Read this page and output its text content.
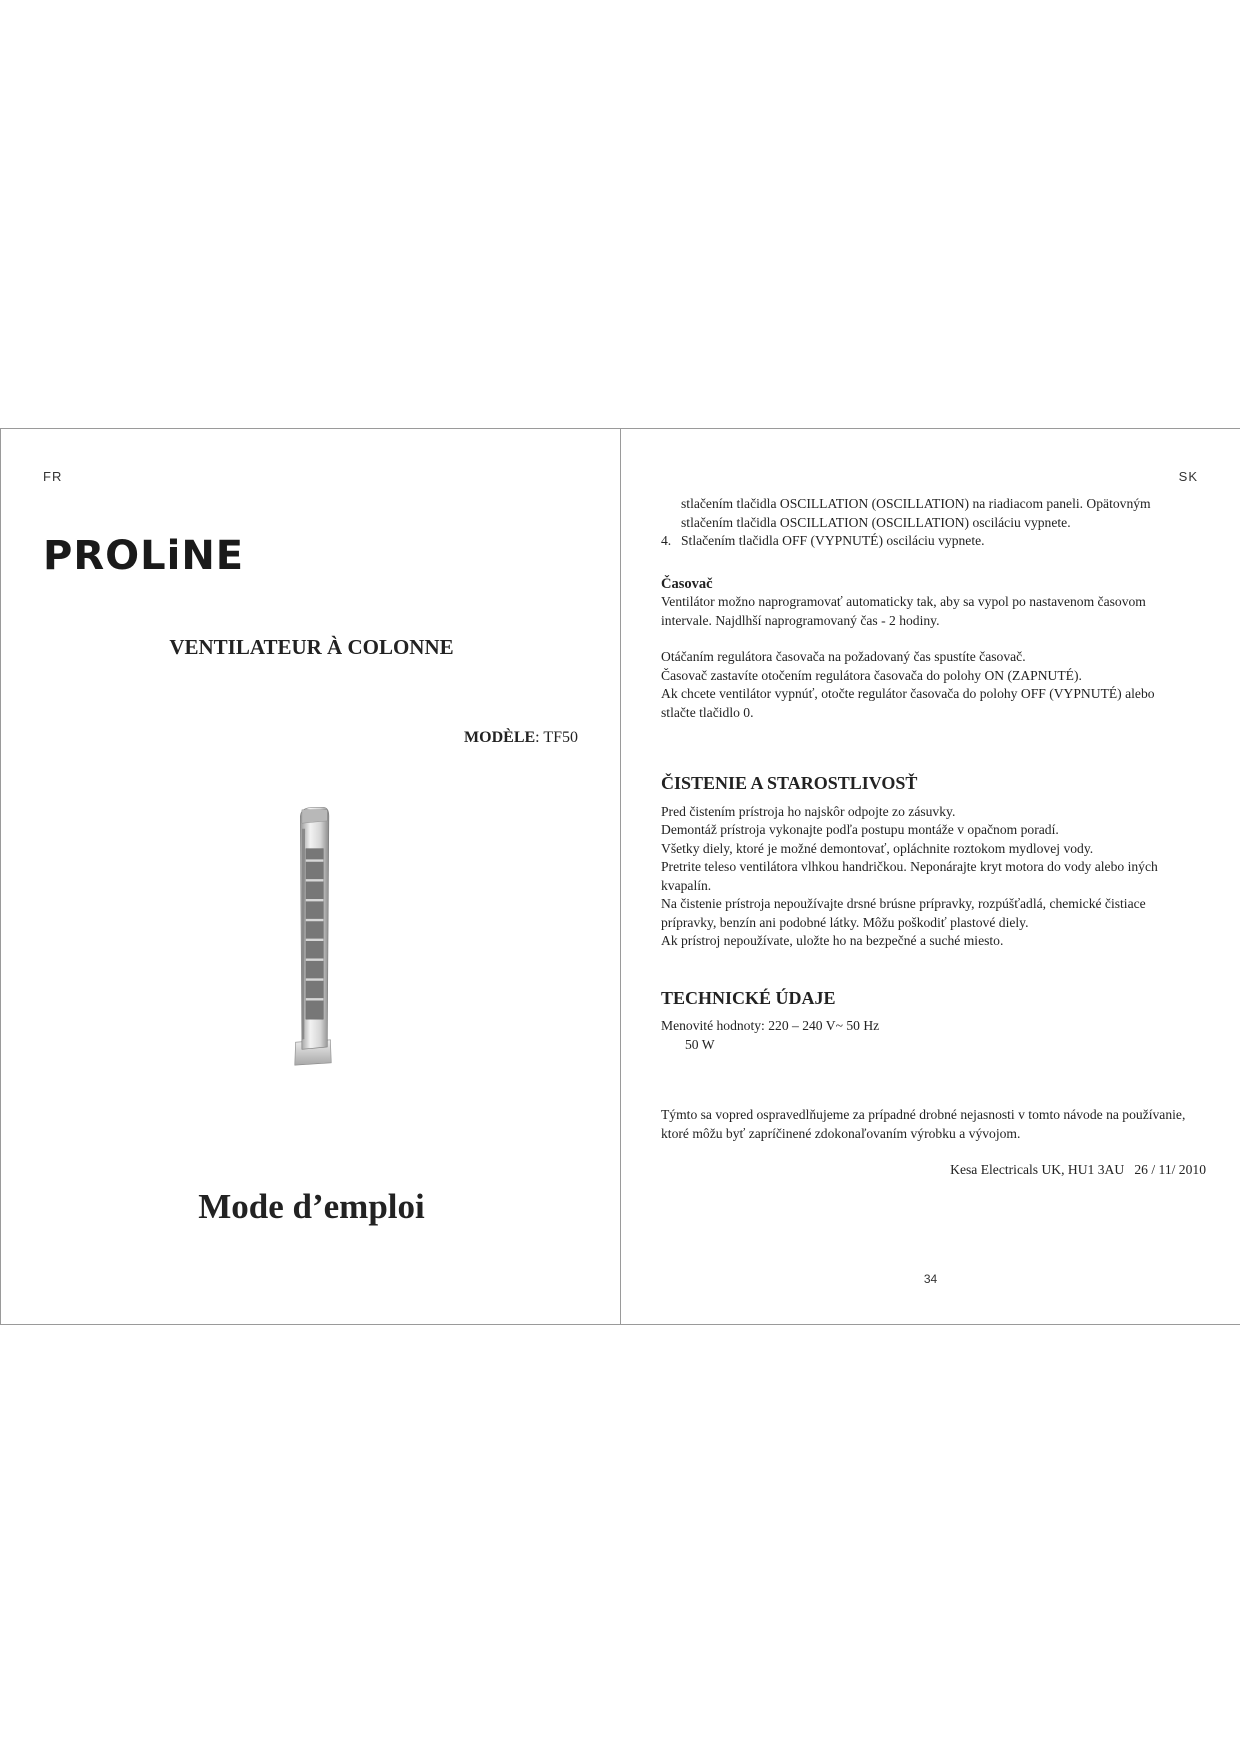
FR
PROLiNE
VENTILATEUR À COLONNE
MODÈLE: TF50
Mode d’emploi
SK
stlačením tlačidla OSCILLATION (OSCILLATION) na riadiacom paneli. Opätovným
stlačením tlačidla OSCILLATION (OSCILLATION) osciláciu vypnete.
4. Stlačením tlačidla OFF (VYPNUTÉ) osciláciu vypnete.
Časovač
Ventilátor možno naprogramovať automaticky tak, aby sa vypol po nastavenom časovom
intervale. Najdlhší naprogramovaný čas - 2 hodiny.
Otáčaním regulátora časovača na požadovaný čas spustíte časovač.
Časovač zastavíte otočením regulátora časovača do polohy ON (ZAPNUTÉ).
Ak chcete ventilátor vypnúť, otočte regulátor časovača do polohy OFF (VYPNUTÉ) alebo
stlačte tlačidlo 0.
ČISTENIE A STAROSTLIVOSŤ
Pred čistením prístroja ho najskôr odpojte zo zásuvky.
Demontáž prístroja vykonajte podľa postupu montáže v opačnom poradí.
Všetky diely, ktoré je možné demontovať, opláchnite roztokom mydlovej vody.
Pretrite teleso ventilátora vlhkou handričkou. Neponárajte kryt motora do vody alebo iných
kvapalín.
Na čistenie prístroja nepoužívajte drsné brúsne prípravky, rozpúšťadlá, chemické čistiace
prípravky, benzín ani podobné látky. Môžu poškodiť plastové diely.
Ak prístroj nepoužívate, uložte ho na bezpečné a suché miesto.
TECHNICKÉ ÚDAJE
Menovité hodnoty: 220 – 240 V~ 50 Hz
50 W
Týmto sa vopred ospravedlňujeme za prípadné drobné nejasnosti v tomto návode na používanie,
ktoré môžu byť zapríčinené zdokonaľovaním výrobku a vývojom.
Kesa Electricals UK, HU1 3AU   26 / 11/ 2010
34
